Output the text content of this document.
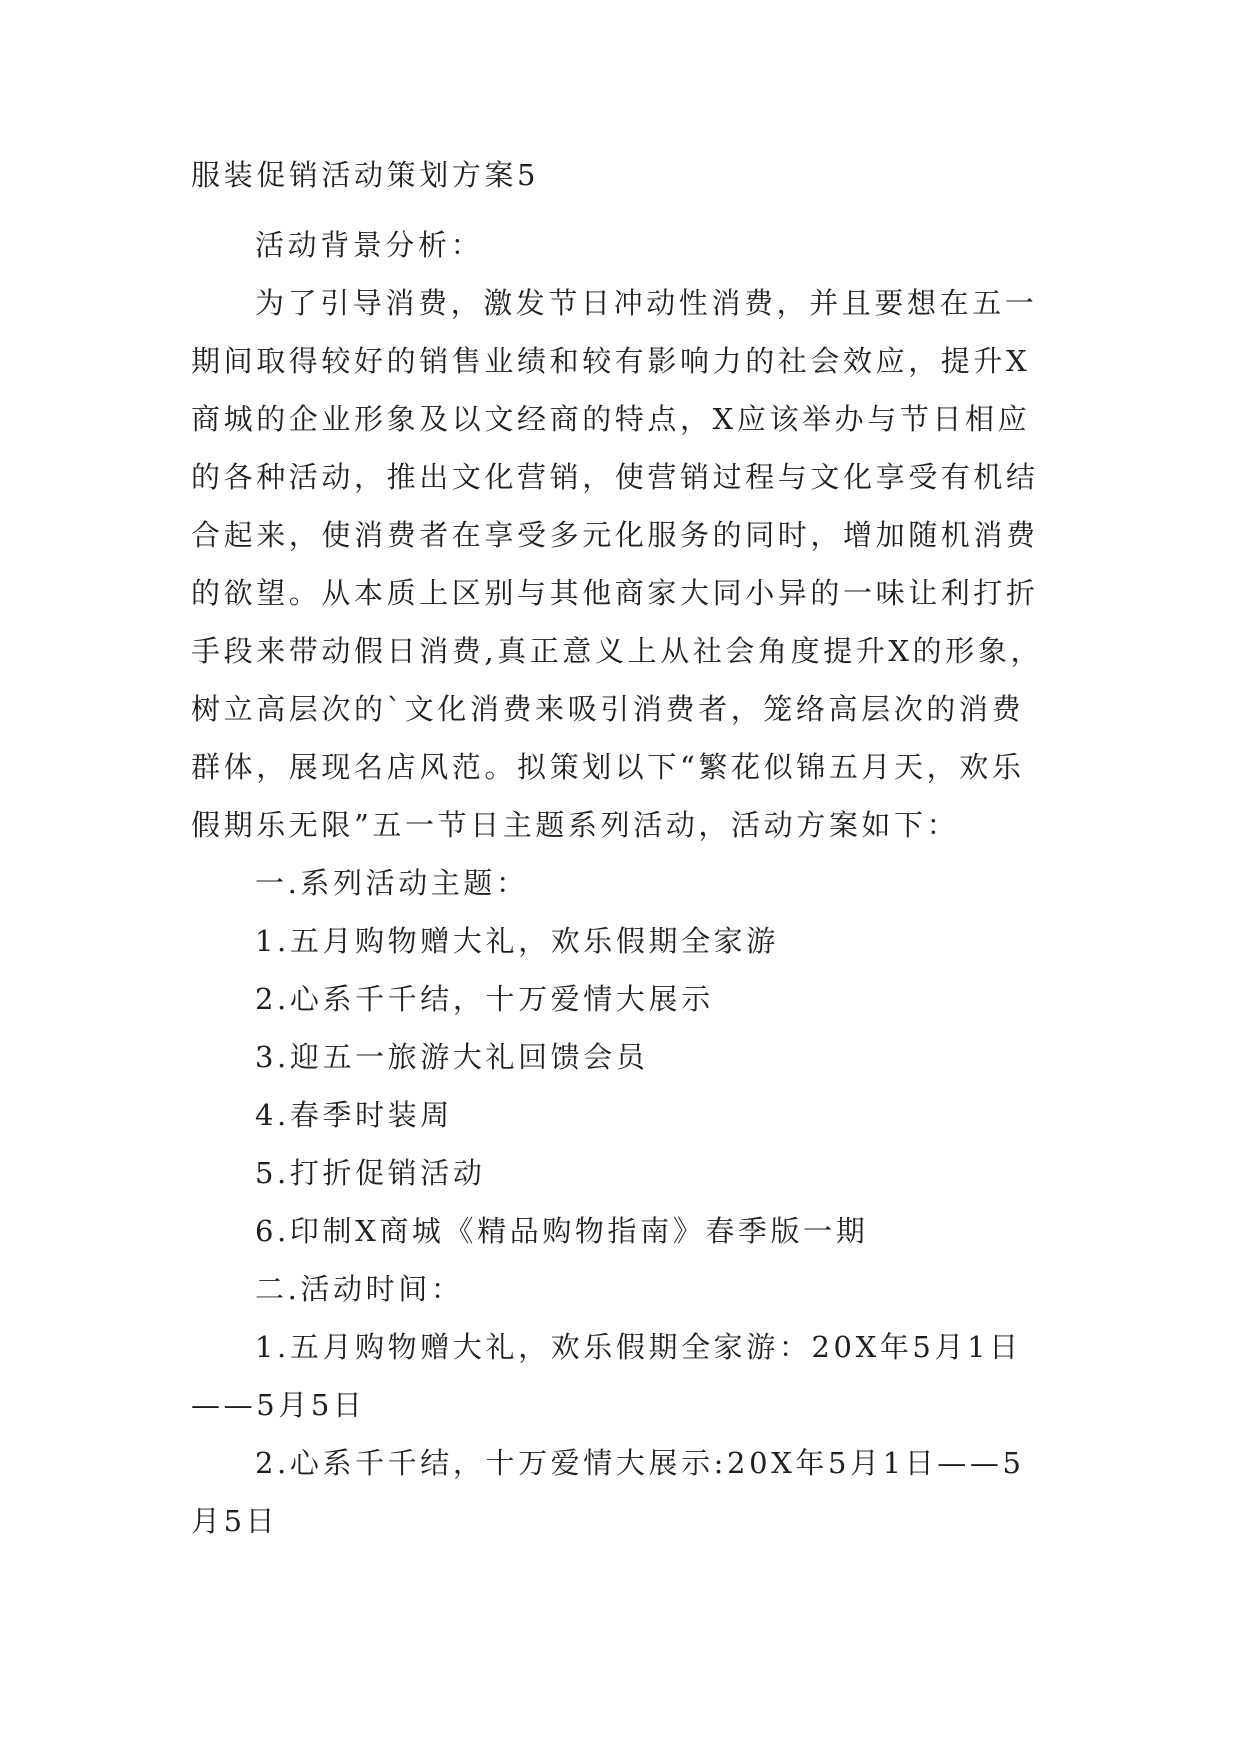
服装促销活动策划方案5

活动背景分析：

为了引导消费，激发节日冲动性消费，并且要想在五一期间取得较好的销售业绩和较有影响力的社会效应，提升X商城的企业形象及以文经商的特点，X应该举办与节日相应的各种活动，推出文化营销，使营销过程与文化享受有机结合起来，使消费者在享受多元化服务的同时，增加随机消费的欲望。从本质上区别与其他商家大同小异的一味让利打折手段来带动假日消费,真正意义上从社会角度提升X的形象，树立高层次的`文化消费来吸引消费者，笼络高层次的消费群体，展现名店风范。拟策划以下“繁花似锦五月天，欢乐假期乐无限”五一节日主题系列活动，活动方案如下：

一.系列活动主题：

1.五月购物赠大礼，欢乐假期全家游

2.心系千千结，十万爱情大展示

3.迎五一旅游大礼回馈会员

4.春季时装周

5.打折促销活动

6.印制X商城《精品购物指南》春季版一期

二.活动时间：

1.五月购物赠大礼，欢乐假期全家游：20X年5月1日——5月5日

2.心系千千结，十万爱情大展示:20X年5月1日——5月5日
